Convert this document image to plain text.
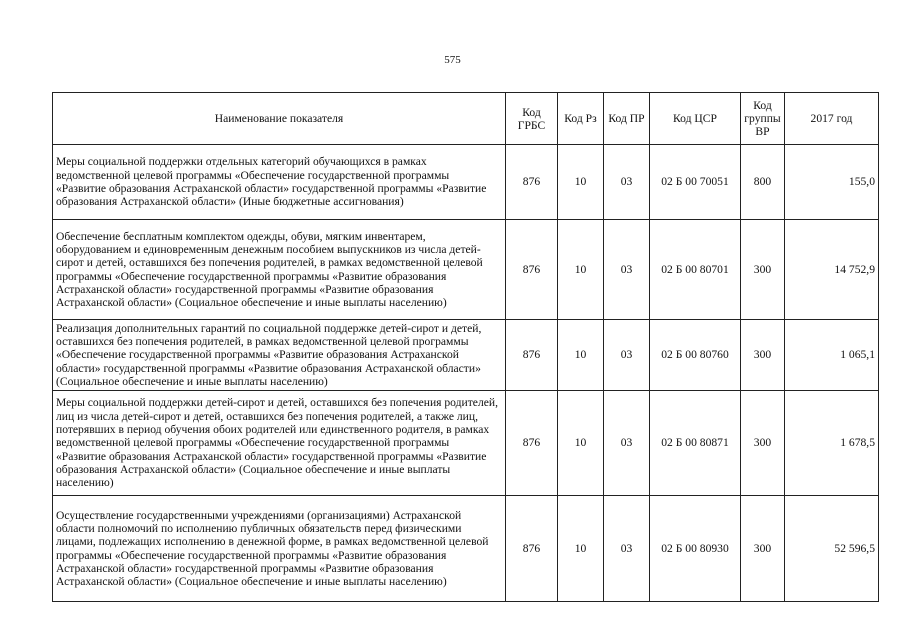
575
Наименование показателя	Код ГРБС	Код Рз	Код ПР	Код ЦСР	Код группы ВР	2017 год
Меры социальной поддержки отдельных категорий обучающихся в рамках ведомственной целевой программы «Обеспечение государственной программы «Развитие образования Астраханской области» государственной программы «Развитие образования Астраханской области» (Иные бюджетные ассигнования)	876	10	03	02 Б 00 70051	800	155,0
Обеспечение бесплатным комплектом одежды, обуви, мягким инвентарем, оборудованием и единовременным денежным пособием выпускников из числа детей-сирот и детей, оставшихся без попечения родителей, в рамках ведомственной целевой программы «Обеспечение государственной программы «Развитие образования Астраханской области» государственной программы «Развитие образования Астраханской области» (Социальное обеспечение и иные выплаты населению)	876	10	03	02 Б 00 80701	300	14 752,9
Реализация дополнительных гарантий по социальной поддержке детей-сирот и детей, оставшихся без попечения родителей, в рамках ведомственной целевой программы «Обеспечение государственной программы «Развитие образования Астраханской области» государственной программы «Развитие образования Астраханской области» (Социальное обеспечение и иные выплаты населению)	876	10	03	02 Б 00 80760	300	1 065,1
Меры социальной поддержки детей-сирот и детей, оставшихся без попечения родителей, лиц из числа детей-сирот и детей, оставшихся без попечения родителей, а также лиц, потерявших в период обучения обоих родителей или единственного родителя, в рамках ведомственной целевой программы «Обеспечение государственной программы «Развитие образования Астраханской области» государственной программы «Развитие образования Астраханской области» (Социальное обеспечение и иные выплаты населению)	876	10	03	02 Б 00 80871	300	1 678,5
Осуществление государственными учреждениями (организациями) Астраханской области полномочий по исполнению публичных обязательств перед физическими лицами, подлежащих исполнению в денежной форме, в рамках ведомственной целевой программы «Обеспечение государственной программы «Развитие образования Астраханской области» государственной программы «Развитие образования Астраханской области» (Социальное обеспечение и иные выплаты населению)	876	10	03	02 Б 00 80930	300	52 596,5
